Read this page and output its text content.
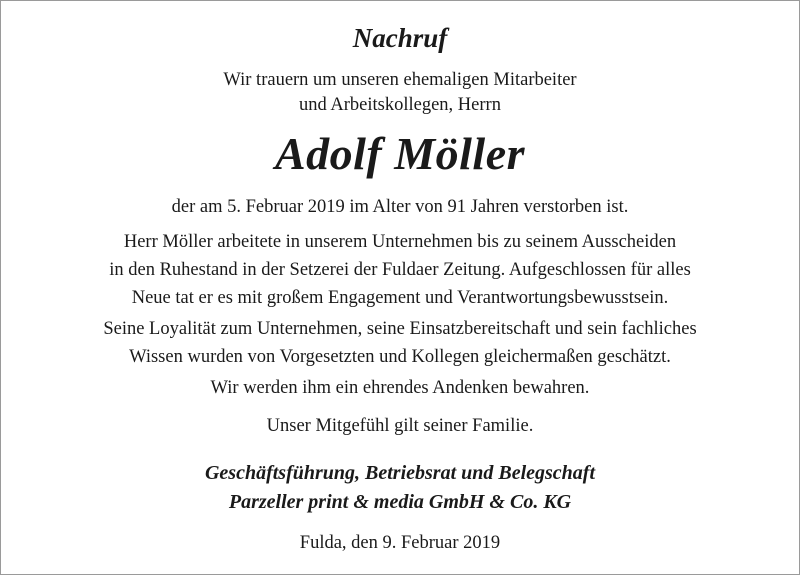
Nachruf
Wir trauern um unseren ehemaligen Mitarbeiter
und Arbeitskollegen, Herrn
Adolf Möller
der am 5. Februar 2019 im Alter von 91 Jahren verstorben ist.
Herr Möller arbeitete in unserem Unternehmen bis zu seinem Ausscheiden
in den Ruhestand in der Setzerei der Fuldaer Zeitung. Aufgeschlossen für alles
Neue tat er es mit großem Engagement und Verantwortungsbewusstsein.
Seine Loyalität zum Unternehmen, seine Einsatzbereitschaft und sein fachliches
Wissen wurden von Vorgesetzten und Kollegen gleichermaßen geschätzt.
Wir werden ihm ein ehrendes Andenken bewahren.
Unser Mitgefühl gilt seiner Familie.
Geschäftsführung, Betriebsrat und Belegschaft
Parzeller print & media GmbH & Co. KG
Fulda, den 9. Februar 2019
